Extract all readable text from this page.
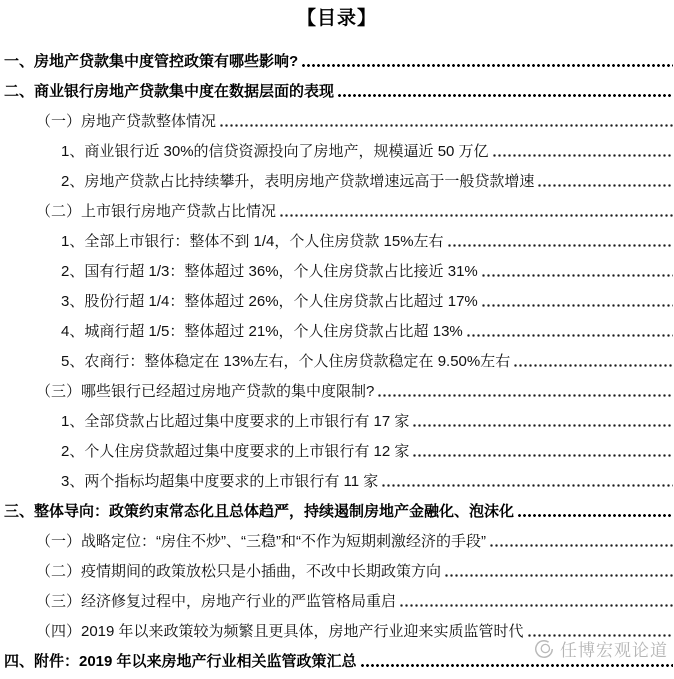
【目录】
一、房地产贷款集中度管控政策有哪些影响?
二、商业银行房地产贷款集中度在数据层面的表现
（一）房地产贷款整体情况
1、商业银行近 30%的信贷资源投向了房地产，规模逼近 50 万亿
2、房地产贷款占比持续攀升，表明房地产贷款增速远高于一般贷款增速
（二）上市银行房地产贷款占比情况
1、全部上市银行：整体不到 1/4，个人住房贷款 15%左右
2、国有行超 1/3：整体超过 36%，个人住房贷款占比接近 31%
3、股份行超 1/4：整体超过 26%，个人住房贷款占比超过 17%
4、城商行超 1/5：整体超过 21%，个人住房贷款占比超 13%
5、农商行：整体稳定在 13%左右，个人住房贷款稳定在 9.50%左右
（三）哪些银行已经超过房地产贷款的集中度限制?
1、全部贷款占比超过集中度要求的上市银行有 17 家
2、个人住房贷款超过集中度要求的上市银行有 12 家
3、两个指标均超集中度要求的上市银行有 11 家
三、整体导向：政策约束常态化且总体趋严，持续遏制房地产金融化、泡沫化
（一）战略定位：“房住不炒”、“三稳”和“不作为短期刺激经济的手段”
（二）疫情期间的政策放松只是小插曲，不改中长期政策方向
（三）经济修复过程中，房地产行业的严监管格局重启
（四）2019 年以来政策较为频繁且更具体，房地产行业迎来实质监管时代
四、附件：2019 年以来房地产行业相关监管政策汇总
任博宏观论道
